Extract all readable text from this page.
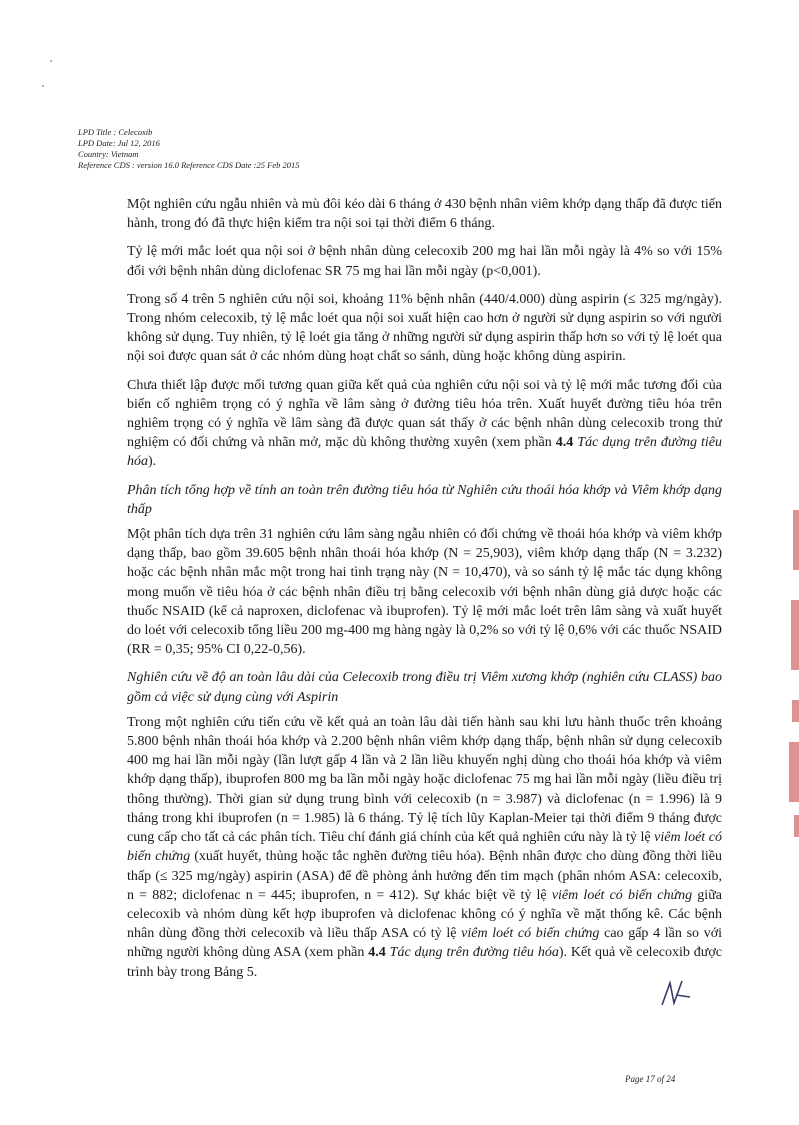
LPD Title : Celecoxib
LPD Date: Jul 12, 2016
Country: Vietnam
Reference CDS : version 16.0 Reference CDS Date :25 Feb 2015

Một nghiên cứu ngẫu nhiên và mù đôi kéo dài 6 tháng ở 430 bệnh nhân viêm khớp dạng thấp đã được tiến hành, trong đó đã thực hiện kiểm tra nội soi tại thời điểm 6 tháng.

Tỷ lệ mới mắc loét qua nội soi ở bệnh nhân dùng celecoxib 200 mg hai lần mỗi ngày là 4% so với 15% đối với bệnh nhân dùng diclofenac SR 75 mg hai lần mỗi ngày (p<0,001).

Trong số 4 trên 5 nghiên cứu nội soi, khoảng 11% bệnh nhân (440/4.000) dùng aspirin (≤ 325 mg/ngày). Trong nhóm celecoxib, tỷ lệ mắc loét qua nội soi xuất hiện cao hơn ở người sử dụng aspirin so với người không sử dụng. Tuy nhiên, tỷ lệ loét gia tăng ở những người sử dụng aspirin thấp hơn so với tỷ lệ loét qua nội soi được quan sát ở các nhóm dùng hoạt chất so sánh, dùng hoặc không dùng aspirin.

Chưa thiết lập được mối tương quan giữa kết quả của nghiên cứu nội soi và tỷ lệ mới mắc tương đối của biến cố nghiêm trọng có ý nghĩa về lâm sàng ở đường tiêu hóa trên. Xuất huyết đường tiêu hóa trên nghiêm trọng có ý nghĩa về lâm sàng đã được quan sát thấy ở các bệnh nhân dùng celecoxib trong thử nghiệm có đối chứng và nhãn mở, mặc dù không thường xuyên (xem phần 4.4 Tác dụng trên đường tiêu hóa).

Phân tích tổng hợp về tính an toàn trên đường tiêu hóa từ Nghiên cứu thoái hóa khớp và Viêm khớp dạng thấp

Một phân tích dựa trên 31 nghiên cứu lâm sàng ngẫu nhiên có đối chứng về thoái hóa khớp và viêm khớp dạng thấp, bao gồm 39.605 bệnh nhân thoái hóa khớp (N = 25,903), viêm khớp dạng thấp (N = 3.232) hoặc các bệnh nhân mắc một trong hai tình trạng này (N = 10,470), và so sánh tỷ lệ mắc tác dụng không mong muốn về tiêu hóa ở các bệnh nhân điều trị bằng celecoxib với bệnh nhân dùng giả dược hoặc các thuốc NSAID (kể cả naproxen, diclofenac và ibuprofen). Tỷ lệ mới mắc loét trên lâm sàng và xuất huyết do loét với celecoxib tổng liều 200 mg-400 mg hàng ngày là 0,2% so với tỷ lệ 0,6% với các thuốc NSAID (RR = 0,35; 95% CI 0,22-0,56).

Nghiên cứu về độ an toàn lâu dài của Celecoxib trong điều trị Viêm xương khớp (nghiên cứu CLASS) bao gồm cả việc sử dụng cùng với Aspirin

Trong một nghiên cứu tiến cứu về kết quả an toàn lâu dài tiến hành sau khi lưu hành thuốc trên khoảng 5.800 bệnh nhân thoái hóa khớp và 2.200 bệnh nhân viêm khớp dạng thấp, bệnh nhân sử dụng celecoxib 400 mg hai lần mỗi ngày (lần lượt gấp 4 lần và 2 lần liều khuyến nghị dùng cho thoái hóa khớp và viêm khớp dạng thấp), ibuprofen 800 mg ba lần mỗi ngày hoặc diclofenac 75 mg hai lần mỗi ngày (liều điều trị thông thường). Thời gian sử dụng trung bình với celecoxib (n = 3.987) và diclofenac (n = 1.996) là 9 tháng trong khi ibuprofen (n = 1.985) là 6 tháng. Tỷ lệ tích lũy Kaplan-Meier tại thời điểm 9 tháng được cung cấp cho tất cả các phân tích. Tiêu chí đánh giá chính của kết quả nghiên cứu này là tỷ lệ viêm loét có biến chứng (xuất huyết, thủng hoặc tắc nghẽn đường tiêu hóa). Bệnh nhân được cho dùng đồng thời liều thấp (≤ 325 mg/ngày) aspirin (ASA) để đề phòng ảnh hưởng đến tim mạch (phân nhóm ASA: celecoxib, n = 882; diclofenac n = 445; ibuprofen, n = 412). Sự khác biệt về tỷ lệ viêm loét có biến chứng giữa celecoxib và nhóm dùng kết hợp ibuprofen và diclofenac không có ý nghĩa về mặt thống kê. Các bệnh nhân dùng đồng thời celecoxib và liều thấp ASA có tỷ lệ viêm loét có biến chứng cao gấp 4 lần so với những người không dùng ASA (xem phần 4.4 Tác dụng trên đường tiêu hóa). Kết quả về celecoxib được trình bày trong Bảng 5.

Page 17 of 24
